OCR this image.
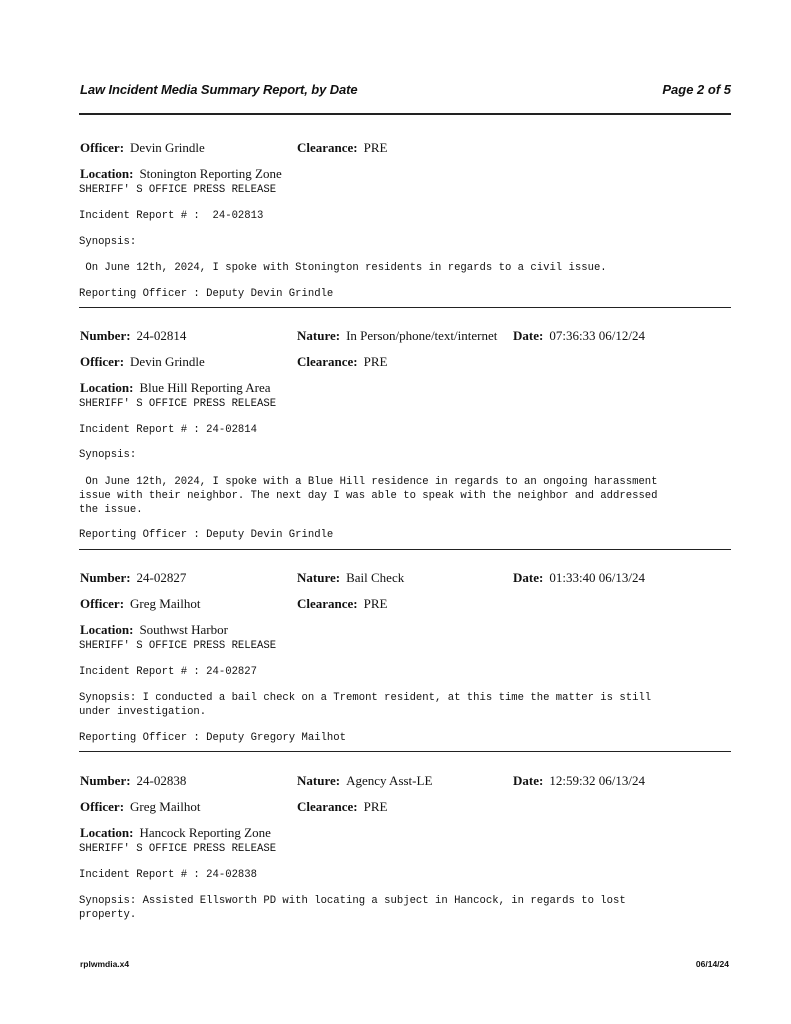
Law Incident Media Summary Report, by Date	Page 2 of 5
Officer: Devin Grindle	Clearance: PRE
Location: Stonington Reporting Zone
SHERIFF' S OFFICE PRESS RELEASE
Incident Report # :  24-02813
Synopsis:
On June 12th, 2024, I spoke with Stonington residents in regards to a civil issue.
Reporting Officer : Deputy Devin Grindle
Number: 24-02814	Nature: In Person/phone/text/internet Date: 07:36:33 06/12/24
Officer: Devin Grindle	Clearance: PRE
Location: Blue Hill Reporting Area
SHERIFF' S OFFICE PRESS RELEASE
Incident Report # : 24-02814
Synopsis:
On June 12th, 2024, I spoke with a Blue Hill residence in regards to an ongoing harassment
issue with their neighbor. The next day I was able to speak with the neighbor and addressed
the issue.
Reporting Officer : Deputy Devin Grindle
Number: 24-02827	Nature: Bail Check	Date: 01:33:40 06/13/24
Officer: Greg Mailhot	Clearance: PRE
Location: Southwst Harbor
SHERIFF' S OFFICE PRESS RELEASE
Incident Report # : 24-02827
Synopsis: I conducted a bail check on a Tremont resident, at this time the matter is still
under investigation.
Reporting Officer : Deputy Gregory Mailhot
Number: 24-02838	Nature: Agency Asst-LE	Date: 12:59:32 06/13/24
Officer: Greg Mailhot	Clearance: PRE
Location: Hancock Reporting Zone
SHERIFF' S OFFICE PRESS RELEASE
Incident Report # : 24-02838
Synopsis: Assisted Ellsworth PD with locating a subject in Hancock, in regards to lost
property.
rplwmdia.x4	06/14/24
